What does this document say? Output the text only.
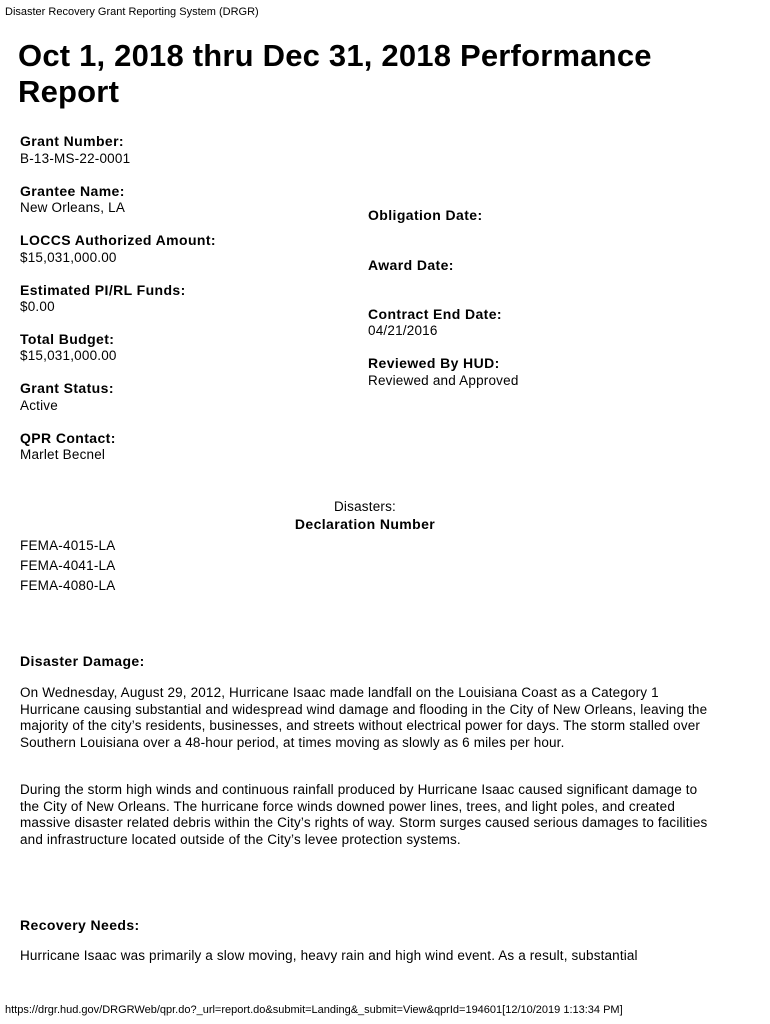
Disaster Recovery Grant Reporting System (DRGR)
Oct 1, 2018 thru Dec 31, 2018 Performance Report
Grant Number:
B-13-MS-22-0001
Grantee Name:
New Orleans, LA
LOCCS Authorized Amount:
$15,031,000.00
Estimated PI/RL Funds:
$0.00
Total Budget:
$15,031,000.00
Grant Status:
Active
QPR Contact:
Marlet Becnel
Obligation Date:
Award Date:
Contract End Date:
04/21/2016
Reviewed By HUD:
Reviewed and Approved
Disasters:
Declaration Number
FEMA-4015-LA
FEMA-4041-LA
FEMA-4080-LA
Disaster Damage:
On Wednesday, August 29, 2012, Hurricane Isaac made landfall on the Louisiana Coast as a Category 1 Hurricane causing substantial and widespread wind damage and flooding in the City of New Orleans, leaving the majority of the city’s residents, businesses, and streets without electrical power for days. The storm stalled over Southern Louisiana over a 48-hour period, at times moving as slowly as 6 miles per hour.
During the storm high winds and continuous rainfall produced by Hurricane Isaac caused significant damage to the City of New Orleans. The hurricane force winds downed power lines, trees, and light poles, and created massive disaster related debris within the City’s rights of way. Storm surges caused serious damages to facilities and infrastructure located outside of the City’s levee protection systems.
Recovery Needs:
Hurricane Isaac was primarily a slow moving, heavy rain and high wind event. As a result, substantial
https://drgr.hud.gov/DRGRWeb/qpr.do?_url=report.do&submit=Landing&_submit=View&qprId=194601[12/10/2019 1:13:34 PM]
